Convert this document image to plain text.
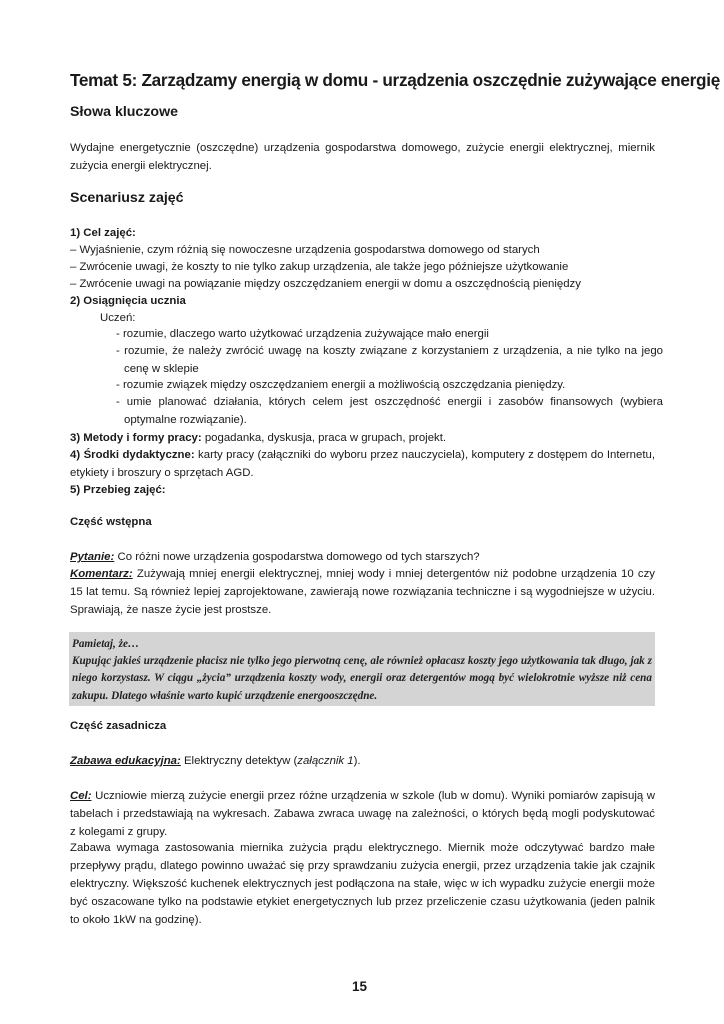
Temat 5: Zarządzamy energią w domu - urządzenia oszczędnie zużywające energię
Słowa kluczowe

Wydajne energetycznie (oszczędne) urządzenia gospodarstwa domowego, zużycie energii elektrycznej, miernik zużycia energii elektrycznej.

Scenariusz zajęć

1) Cel zajęć:

– Wyjaśnienie, czym różnią się nowoczesne urządzenia gospodarstwa domowego od starych

– Zwrócenie uwagi, że koszty to nie tylko zakup urządzenia, ale także jego późniejsze użytkowanie

– Zwrócenie uwagi na powiązanie między oszczędzaniem energii w domu a oszczędnością pieniędzy

2) Osiągnięcia ucznia

Uczeń:
- rozumie, dlaczego warto użytkować urządzenia zużywające mało energii
- rozumie, że należy zwrócić uwagę na koszty związane z korzystaniem z urządzenia, a nie tylko na jego cenę w sklepie
- rozumie związek między oszczędzaniem energii a możliwością oszczędzania pieniędzy.
- umie planować działania, których celem jest oszczędność energii i zasobów finansowych (wybiera optymalne rozwiązanie).

3) Metody i formy pracy: pogadanka, dyskusja, praca w grupach, projekt.

4) Środki dydaktyczne: karty pracy (załączniki do wyboru przez nauczyciela), komputery z dostępem do Internetu, etykiety i broszury o sprzętach AGD.

5) Przebieg zajęć:

Część wstępna

Pytanie: Co różni nowe urządzenia gospodarstwa domowego od tych starszych?

Komentarz: Zużywają mniej energii elektrycznej, mniej wody i mniej detergentów niż podobne urządzenia 10 czy 15 lat temu. Są również lepiej zaprojektowane, zawierają nowe rozwiązania techniczne i są wygodniejsze w użyciu. Sprawiają, że nasze życie jest prostsze.

Pamietaj, że…
Kupując jakieś urządzenie płacisz nie tylko jego pierwotną cenę, ale również opłacasz koszty jego użytkowania tak długo, jak z niego korzystasz. W ciągu „życia” urządzenia koszty wody, energii oraz detergentów mogą być wielokrotnie wyższe niż cena zakupu. Dlatego właśnie warto kupić urządzenie energooszczędne.

Część zasadnicza

Zabawa edukacyjna: Elektryczny detektyw (załącznik 1).

Cel: Uczniowie mierzą zużycie energii przez różne urządzenia w szkole (lub w domu). Wyniki pomiarów zapisują w tabelach i przedstawiają na wykresach. Zabawa zwraca uwagę na zależności, o których będą mogli podyskutować z kolegami z grupy.

Zabawa wymaga zastosowania miernika zużycia prądu elektrycznego. Miernik może odczytywać bardzo małe przepływy prądu, dlatego powinno uważać się przy sprawdzaniu zużycia energii, przez urządzenia takie jak czajnik elektryczny. Większość kuchenek elektrycznych jest podłączona na stałe, więc w ich wypadku zużycie energii może być oszacowane tylko na podstawie etykiet energetycznych lub przez przeliczenie czasu użytkowania (jeden palnik to około 1kW na godzinę).

15
